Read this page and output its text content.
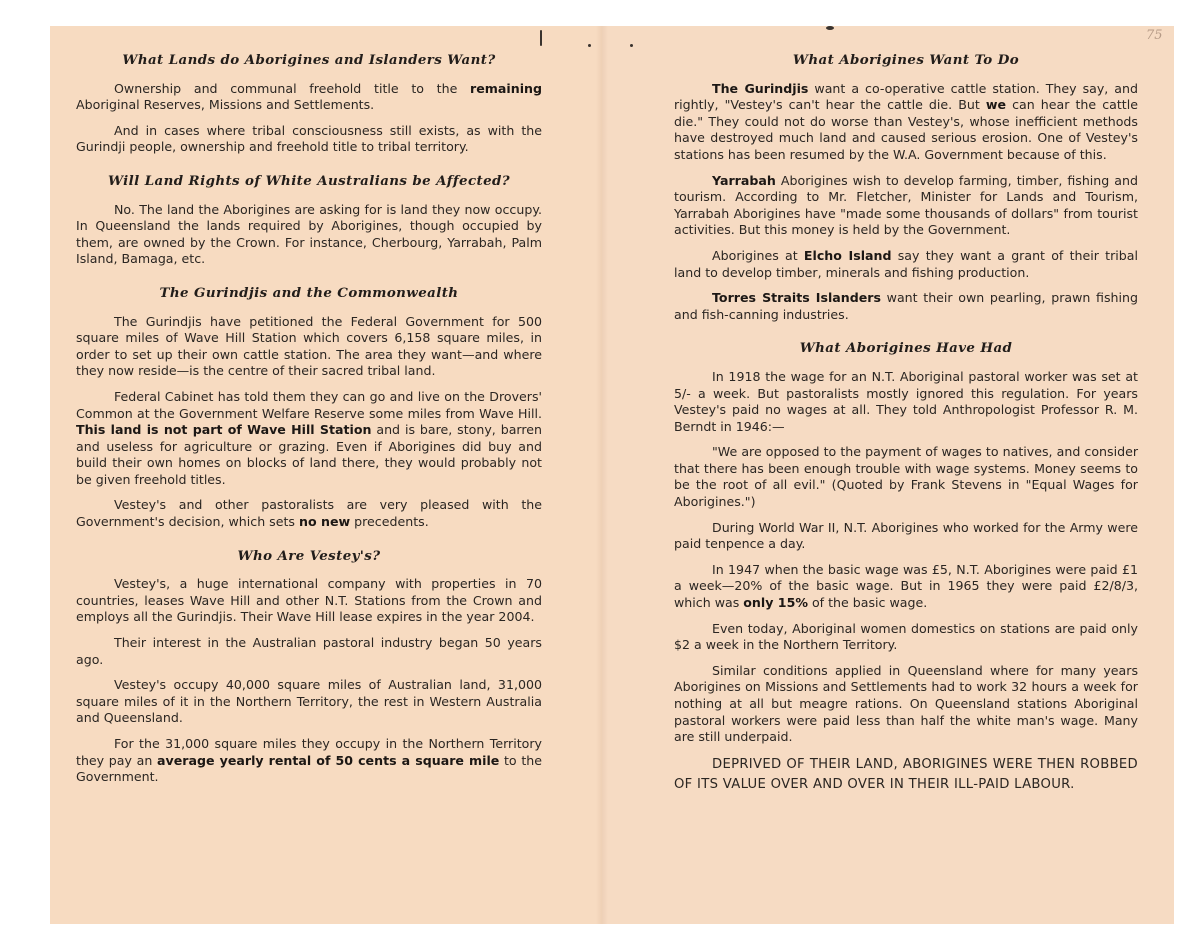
75
What Lands do Aborigines and Islanders Want?

Ownership and communal freehold title to the remaining Aboriginal Reserves, Missions and Settlements.

And in cases where tribal consciousness still exists, as with the Gurindji people, ownership and freehold title to tribal territory.

Will Land Rights of White Australians be Affected?

No. The land the Aborigines are asking for is land they now occupy. In Queensland the lands required by Aborigines, though occupied by them, are owned by the Crown. For instance, Cherbourg, Yarrabah, Palm Island, Bamaga, etc.

The Gurindjis and the Commonwealth

The Gurindjis have petitioned the Federal Government for 500 square miles of Wave Hill Station which covers 6,158 square miles, in order to set up their own cattle station. The area they want—and where they now reside—is the centre of their sacred tribal land.

Federal Cabinet has told them they can go and live on the Drovers' Common at the Government Welfare Reserve some miles from Wave Hill. This land is not part of Wave Hill Station and is bare, stony, barren and useless for agriculture or grazing. Even if Aborigines did buy and build their own homes on blocks of land there, they would probably not be given freehold titles.

Vestey's and other pastoralists are very pleased with the Government's decision, which sets no new precedents.

Who Are Vestey's?

Vestey's, a huge international company with properties in 70 countries, leases Wave Hill and other N.T. Stations from the Crown and employs all the Gurindjis. Their Wave Hill lease expires in the year 2004.

Their interest in the Australian pastoral industry began 50 years ago.

Vestey's occupy 40,000 square miles of Australian land, 31,000 square miles of it in the Northern Territory, the rest in Western Australia and Queensland.

For the 31,000 square miles they occupy in the Northern Territory they pay an average yearly rental of 50 cents a square mile to the Government.

What Aborigines Want To Do

The Gurindjis want a co-operative cattle station. They say, and rightly, "Vestey's can't hear the cattle die. But we can hear the cattle die." They could not do worse than Vestey's, whose inefficient methods have destroyed much land and caused serious erosion. One of Vestey's stations has been resumed by the W.A. Government because of this.

Yarrabah Aborigines wish to develop farming, timber, fishing and tourism. According to Mr. Fletcher, Minister for Lands and Tourism, Yarrabah Aborigines have "made some thousands of dollars" from tourist activities. But this money is held by the Government.

Aborigines at Elcho Island say they want a grant of their tribal land to develop timber, minerals and fishing production.

Torres Straits Islanders want their own pearling, prawn fishing and fish-canning industries.

What Aborigines Have Had

In 1918 the wage for an N.T. Aboriginal pastoral worker was set at 5/- a week. But pastoralists mostly ignored this regulation. For years Vestey's paid no wages at all. They told Anthropologist Professor R. M. Berndt in 1946:—

"We are opposed to the payment of wages to natives, and consider that there has been enough trouble with wage systems. Money seems to be the root of all evil." (Quoted by Frank Stevens in "Equal Wages for Aborigines.")

During World War II, N.T. Aborigines who worked for the Army were paid tenpence a day.

In 1947 when the basic wage was £5, N.T. Aborigines were paid £1 a week—20% of the basic wage. But in 1965 they were paid £2/8/3, which was only 15% of the basic wage.

Even today, Aboriginal women domestics on stations are paid only $2 a week in the Northern Territory.

Similar conditions applied in Queensland where for many years Aborigines on Missions and Settlements had to work 32 hours a week for nothing at all but meagre rations. On Queensland stations Aboriginal pastoral workers were paid less than half the white man's wage. Many are still underpaid.

DEPRIVED OF THEIR LAND, ABORIGINES WERE THEN ROBBED OF ITS VALUE OVER AND OVER IN THEIR ILL-PAID LABOUR.
